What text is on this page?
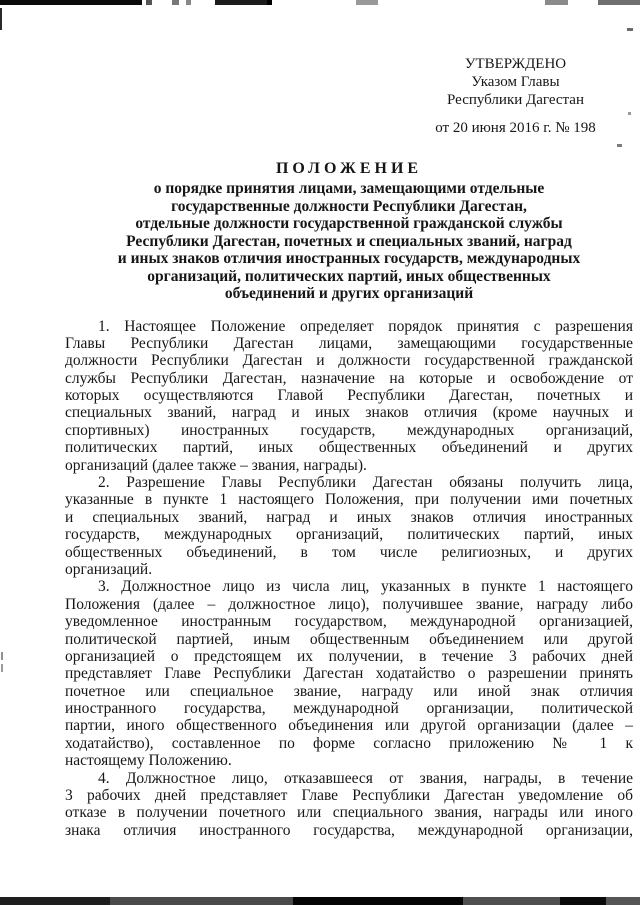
УТВЕРЖДЕНО
Указом Главы
Республики Дагестан
от 20 июня 2016 г. № 198
ПОЛОЖЕНИЕ
о порядке принятия лицами, замещающими отдельные
государственные должности Республики Дагестан,
отдельные должности государственной гражданской службы
Республики Дагестан, почетных и специальных званий, наград
и иных знаков отличия иностранных государств, международных
организаций, политических партий, иных общественных
объединений и других организаций
1. Настоящее Положение определяет порядок принятия с разрешения
Главы Республики Дагестан лицами, замещающими государственные
должности Республики Дагестан и должности государственной гражданской
службы Республики Дагестан, назначение на которые и освобождение от
которых осуществляются Главой Республики Дагестан, почетных и
специальных званий, наград и иных знаков отличия (кроме научных и
спортивных) иностранных государств, международных организаций,
политических партий, иных общественных объединений и других
организаций (далее также – звания, награды).
2. Разрешение Главы Республики Дагестан обязаны получить лица,
указанные в пункте 1 настоящего Положения, при получении ими почетных
и специальных званий, наград и иных знаков отличия иностранных
государств, международных организаций, политических партий, иных
общественных объединений, в том числе религиозных, и других
организаций.
3. Должностное лицо из числа лиц, указанных в пункте 1 настоящего
Положения (далее – должностное лицо), получившее звание, награду либо
уведомленное иностранным государством, международной организацией,
политической партией, иным общественным объединением или другой
организацией о предстоящем их получении, в течение 3 рабочих дней
представляет Главе Республики Дагестан ходатайство о разрешении принять
почетное или специальное звание, награду или иной знак отличия
иностранного государства, международной организации, политической
партии, иного общественного объединения или другой организации (далее –
ходатайство), составленное по форме согласно приложению № 1 к
настоящему Положению.
4. Должностное лицо, отказавшееся от звания, награды, в течение
3 рабочих дней представляет Главе Республики Дагестан уведомление об
отказе в получении почетного или специального звания, награды или иного
знака отличия иностранного государства, международной организации,
